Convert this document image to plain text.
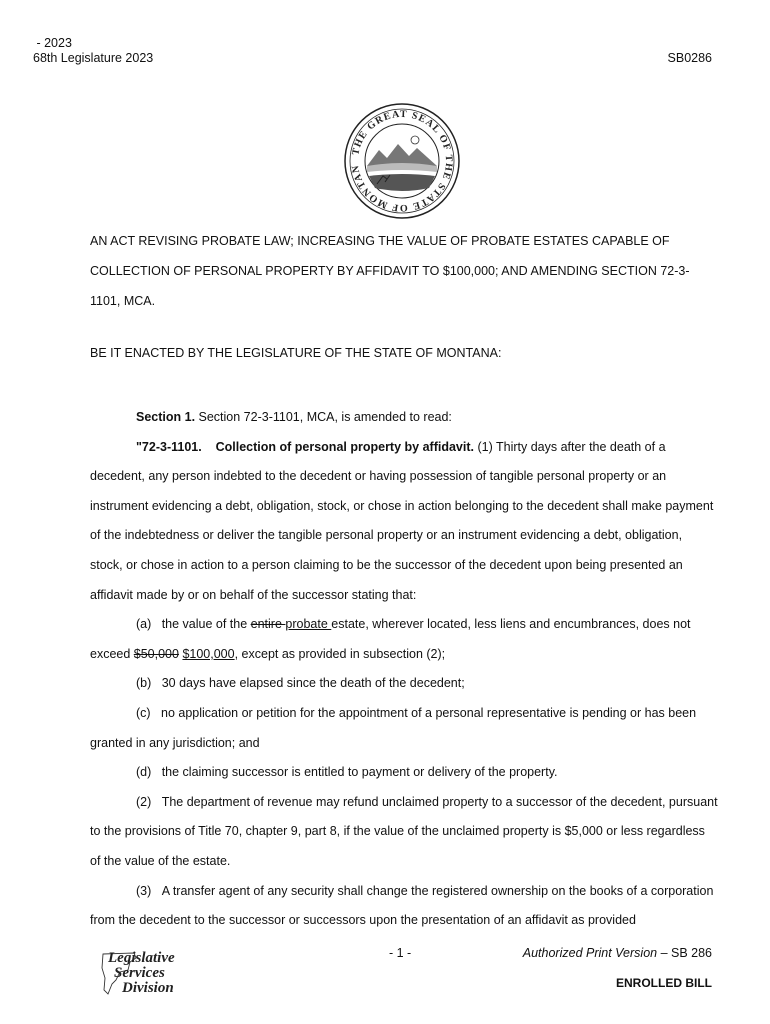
- 2023
68th Legislature 2023	SB0286
THE GREAT SEAL OF THE STATE OF MONTAN
AN ACT REVISING PROBATE LAW; INCREASING THE VALUE OF PROBATE ESTATES CAPABLE OF
COLLECTION OF PERSONAL PROPERTY BY AFFIDAVIT TO $100,000; AND AMENDING SECTION 72-3-
1101, MCA.
BE IT ENACTED BY THE LEGISLATURE OF THE STATE OF MONTANA:

Section 1. Section 72-3-1101, MCA, is amended to read:

"72-3-1101. Collection of personal property by affidavit. (1) Thirty days after the death of a decedent, any person indebted to the decedent or having possession of tangible personal property or an instrument evidencing a debt, obligation, stock, or chose in action belonging to the decedent shall make payment of the indebtedness or deliver the tangible personal property or an instrument evidencing a debt, obligation, stock, or chose in action to a person claiming to be the successor of the decedent upon being presented an affidavit made by or on behalf of the successor stating that:

(a)   the value of the entire probate estate, wherever located, less liens and encumbrances, does not exceed $50,000 $100,000, except as provided in subsection (2);

(b)   30 days have elapsed since the death of the decedent;

(c)   no application or petition for the appointment of a personal representative is pending or has been granted in any jurisdiction; and

(d)   the claiming successor is entitled to payment or delivery of the property.

(2)   The department of revenue may refund unclaimed property to a successor of the decedent, pursuant to the provisions of Title 70, chapter 9, part 8, if the value of the unclaimed property is $5,000 or less regardless of the value of the estate.

(3)   A transfer agent of any security shall change the registered ownership on the books of a corporation from the decedent to the successor or successors upon the presentation of an affidavit as provided

Legislative
Services
Division
- 1 -	Authorized Print Version – SB 286
ENROLLED BILL
